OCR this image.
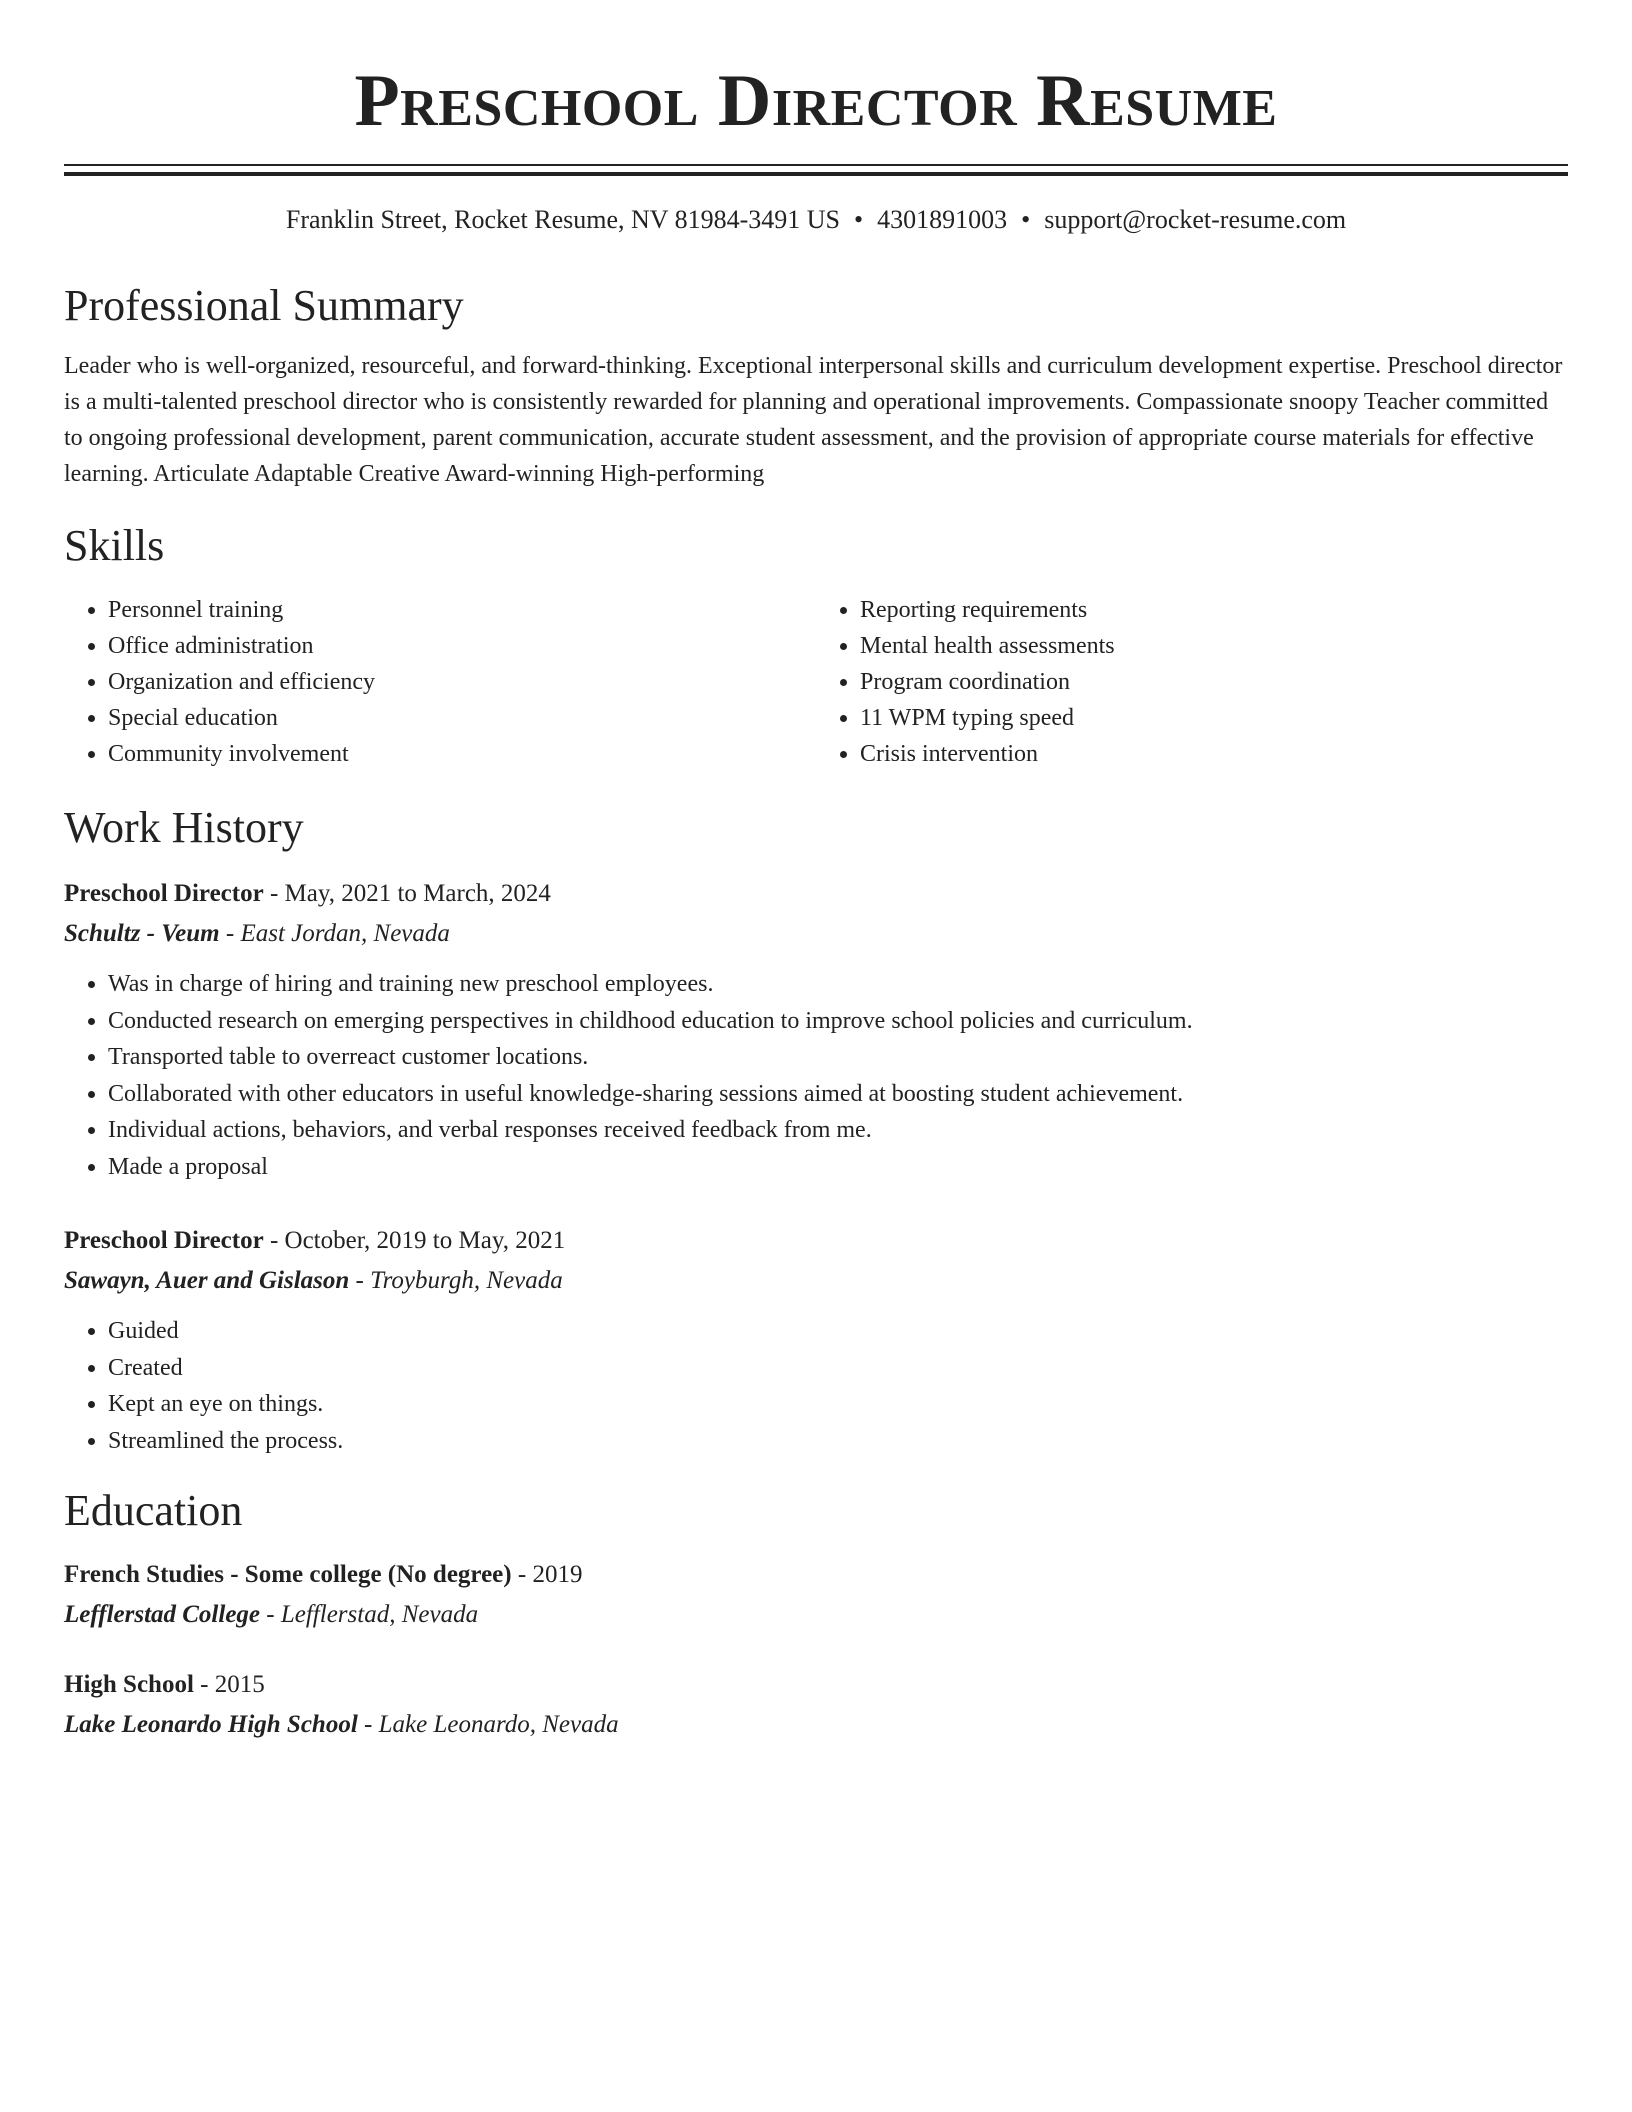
Preschool Director Resume
Franklin Street, Rocket Resume, NV 81984-3491 US • 4301891003 • support@rocket-resume.com
Professional Summary

Leader who is well-organized, resourceful, and forward-thinking. Exceptional interpersonal skills and curriculum development expertise. Preschool director is a multi-talented preschool director who is consistently rewarded for planning and operational improvements. Compassionate snoopy Teacher committed to ongoing professional development, parent communication, accurate student assessment, and the provision of appropriate course materials for effective learning. Articulate Adaptable Creative Award-winning High-performing

Skills
• Personnel training
• Office administration
• Organization and efficiency
• Special education
• Community involvement
• Reporting requirements
• Mental health assessments
• Program coordination
• 11 WPM typing speed
• Crisis intervention
Work History
Preschool Director - May, 2021 to March, 2024
Schultz - Veum - East Jordan, Nevada
• Was in charge of hiring and training new preschool employees.
• Conducted research on emerging perspectives in childhood education to improve school policies and curriculum.
• Transported table to overreact customer locations.
• Collaborated with other educators in useful knowledge-sharing sessions aimed at boosting student achievement.
• Individual actions, behaviors, and verbal responses received feedback from me.
• Made a proposal
Preschool Director - October, 2019 to May, 2021
Sawayn, Auer and Gislason - Troyburgh, Nevada
• Guided
• Created
• Kept an eye on things.
• Streamlined the process.
Education
French Studies - Some college (No degree) - 2019
Lefflerstad College - Lefflerstad, Nevada
High School - 2015
Lake Leonardo High School - Lake Leonardo, Nevada
